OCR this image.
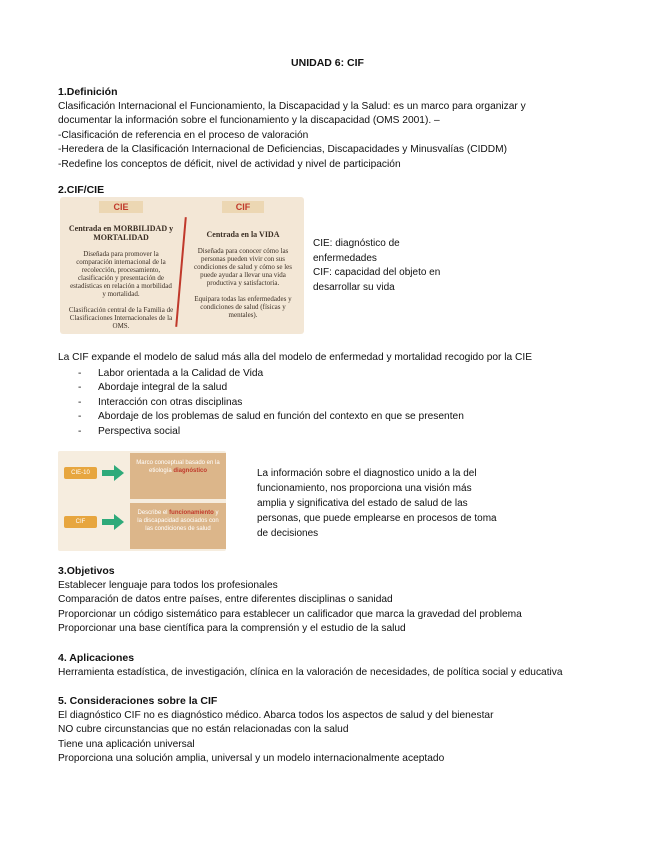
UNIDAD 6: CIF
1.Definición
Clasificación Internacional el Funcionamiento, la Discapacidad y la Salud: es un marco para organizar y
documentar la información sobre el funcionamiento y la discapacidad (OMS 2001). –
-Clasificación de referencia en el proceso de valoración
-Heredera de la Clasificación Internacional de Deficiencias, Discapacidades y Minusvalías (CIDDM)
-Redefine los conceptos de déficit, nivel de actividad y nivel de participación
2.CIF/CIE
CIE
Centrada en MORBILIDAD y MORTALIDAD
Diseñada para promover la comparación internacional de la recolección, procesamiento, clasificación y presentación de estadísticas en relación a morbilidad y mortalidad.
Clasificación central de la Familia de Clasificaciones Internacionales de la OMS.
CIF
Centrada en la VIDA
Diseñada para conocer cómo las personas pueden vivir con sus condiciones de salud y cómo se les puede ayudar a llevar una vida productiva y satisfactoria.
Equipara todas las enfermedades y condiciones de salud (físicas y mentales).
CIE: diagnóstico de
enfermedades
CIF: capacidad del objeto en
desarrollar su vida
La CIF expande el modelo de salud más alla del modelo de enfermedad y mortalidad recogido por la CIE
- Labor orientada a la Calidad de Vida
- Abordaje integral de la salud
- Interacción con otras disciplinas
- Abordaje de los problemas de salud en función del contexto en que se presenten
- Perspectiva social
CIE-10
Marco conceptual basado en la etiología diagnóstico
CIF
Describe el funcionamiento y la discapacidad asociados con las condiciones de salud
La información sobre el diagnostico unido a la del
funcionamiento, nos proporciona una visión más
amplia y significativa del estado de salud de las
personas, que puede emplearse en procesos de toma
de decisiones
3.Objetivos
Establecer lenguaje para todos los profesionales
Comparación de datos entre países, entre diferentes disciplinas o sanidad
Proporcionar un código sistemático para establecer un calificador que marca la gravedad del problema
Proporcionar una base científica para la comprensión y el estudio de la salud
4. Aplicaciones
Herramienta estadística, de investigación, clínica en la valoración de necesidades, de política social y educativa
5. Consideraciones sobre la CIF
El diagnóstico CIF no es diagnóstico médico. Abarca todos los aspectos de salud y del bienestar
NO cubre circunstancias que no están relacionadas con la salud
Tiene una aplicación universal
Proporciona una solución amplia, universal y un modelo internacionalmente aceptado
